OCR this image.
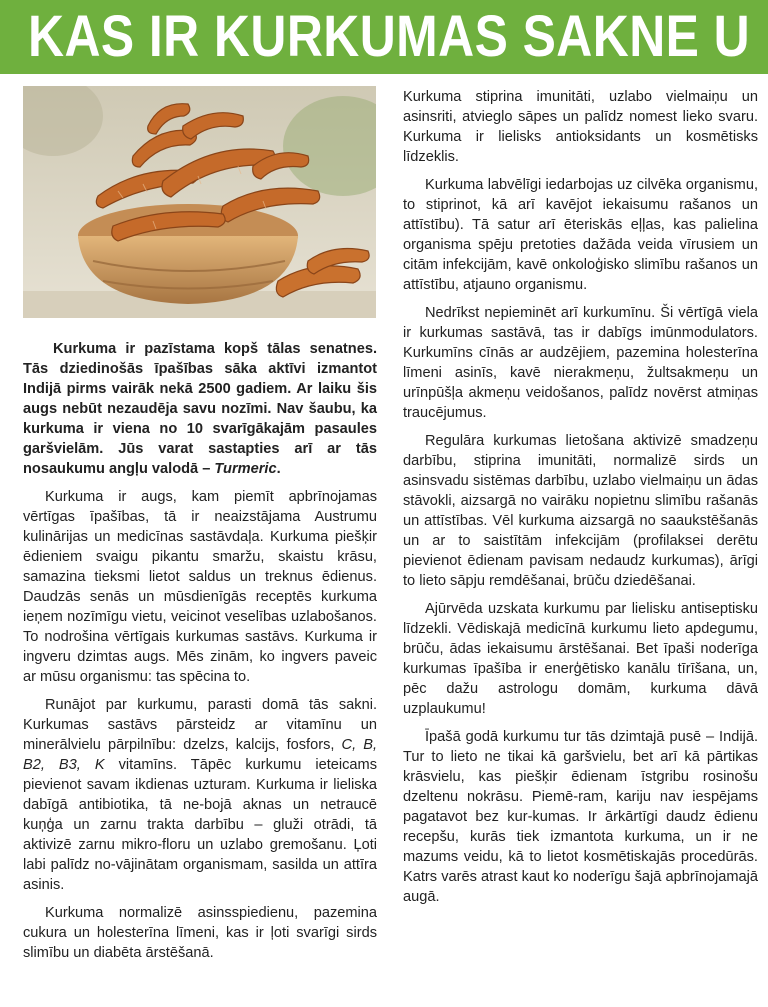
KAS IR KURKUMAS SAKNE U

Kurkuma ir pazīstama kopš tālas senatnes. Tās dziedinošās īpašības sāka aktīvi izmantot Indijā pirms vairāk nekā 2500 gadiem. Ar laiku šis augs nebūt nezaudēja savu nozīmi. Nav šaubu, ka kurkuma ir viena no 10 svarīgākajām pasaules garšvielām. Jūs varat sastapties arī ar tās nosaukumu angļu valodā – Turmeric.

Kurkuma ir augs, kam piemīt apbrīnojamas vērtīgas īpašības, tā ir neaizstājama Austrumu kulinārijas un medicīnas sastāvdaļa. Kurkuma piešķir ēdieniem svaigu pikantu smaržu, skaistu krāsu, samazina tieksmi lietot saldus un treknus ēdienus. Daudzās senās un mūsdienīgās receptēs kurkuma ieņem nozīmīgu vietu, veicinot veselības uzlabošanos. To nodrošina vērtīgais kurkumas sastāvs. Kurkuma ir ingveru dzimtas augs. Mēs zinām, ko ingvers paveic ar mūsu organismu: tas spēcina to.

Runājot par kurkumu, parasti domā tās sakni. Kurkumas sastāvs pārsteidz ar vitamīnu un minerālvielu pārpilnību: dzelzs, kalcijs, fosfors, C, B, B2, B3, K vitamīns. Tāpēc kurkumu ieteicams pievienot savam ikdienas uzturam. Kurkuma ir lieliska dabīgā antibiotika, tā ne-bojā aknas un netraucē kuņģa un zarnu trakta darbību – gluži otrādi, tā aktivizē zarnu mikro-floru un uzlabo gremošanu. Ļoti labi palīdz no-vājinātam organismam, sasilda un attīra asinis.

Kurkuma normalizē asinsspiedienu, pazemina cukura un holesterīna līmeni, kas ir ļoti svarīgi sirds slimību un diabēta ārstēšanā.

Kurkuma stiprina imunitāti, uzlabo vielmaiņu un asinsriti, atvieglo sāpes un palīdz nomest lieko svaru. Kurkuma ir lielisks antioksidants un kosmētisks līdzeklis.

Kurkuma labvēlīgi iedarbojas uz cilvēka organismu, to stiprinot, kā arī kavējot iekaisumu rašanos un attīstību). Tā satur arī ēteriskās eļļas, kas palielina organisma spēju pretoties dažāda veida vīrusiem un citām infekcijām, kavē onkoloģisko slimību rašanos un attīstību, atjauno organismu.

Nedrīkst nepieminēt arī kurkumīnu. Ši vērtīgā viela ir kurkumas sastāvā, tas ir dabīgs imūnmodulators. Kurkumīns cīnās ar audzējiem, pazemina holesterīna līmeni asinīs, kavē nierakmeņu, žultsakmeņu un urīnpūšļa akmeņu veidošanos, palīdz novērst atmiņas traucējumus.

Regulāra kurkumas lietošana aktivizē smadzeņu darbību, stiprina imunitāti, normalizē sirds un asinsvadu sistēmas darbību, uzlabo vielmaiņu un ādas stāvokli, aizsargā no vairāku nopietnu slimību rašanās un attīstības. Vēl kurkuma aizsargā no saaukstēšanās un ar to saistītām infekcijām (profilaksei derētu pievienot ēdienam pavisam nedaudz kurkumas), ārīgi to lieto sāpju remdēšanai, brūču dziedēšanai.

Ajūrvēda uzskata kurkumu par lielisku antiseptisku līdzekli. Vēdiskajā medicīnā kurkumu lieto apdegumu, brūču, ādas iekaisumu ārstēšanai. Bet īpaši noderīga kurkumas īpašība ir enerģētisko kanālu tīrīšana, un, pēc dažu astrologu domām, kurkuma dāvā uzplaukumu!

Īpašā godā kurkumu tur tās dzimtajā pusē – Indijā. Tur to lieto ne tikai kā garšvielu, bet arī kā pārtikas krāsvielu, kas piešķir ēdienam īstgribu rosinošu dzeltenu nokrāsu. Piemē-ram, kariju nav iespējams pagatavot bez kur-kumas. Ir ārkārtīgi daudz ēdienu recepšu, kurās tiek izmantota kurkuma, un ir ne mazums veidu, kā to lietot kosmētiskajās procedūrās. Katrs varēs atrast kaut ko noderīgu šajā apbrīnojamajā augā.
